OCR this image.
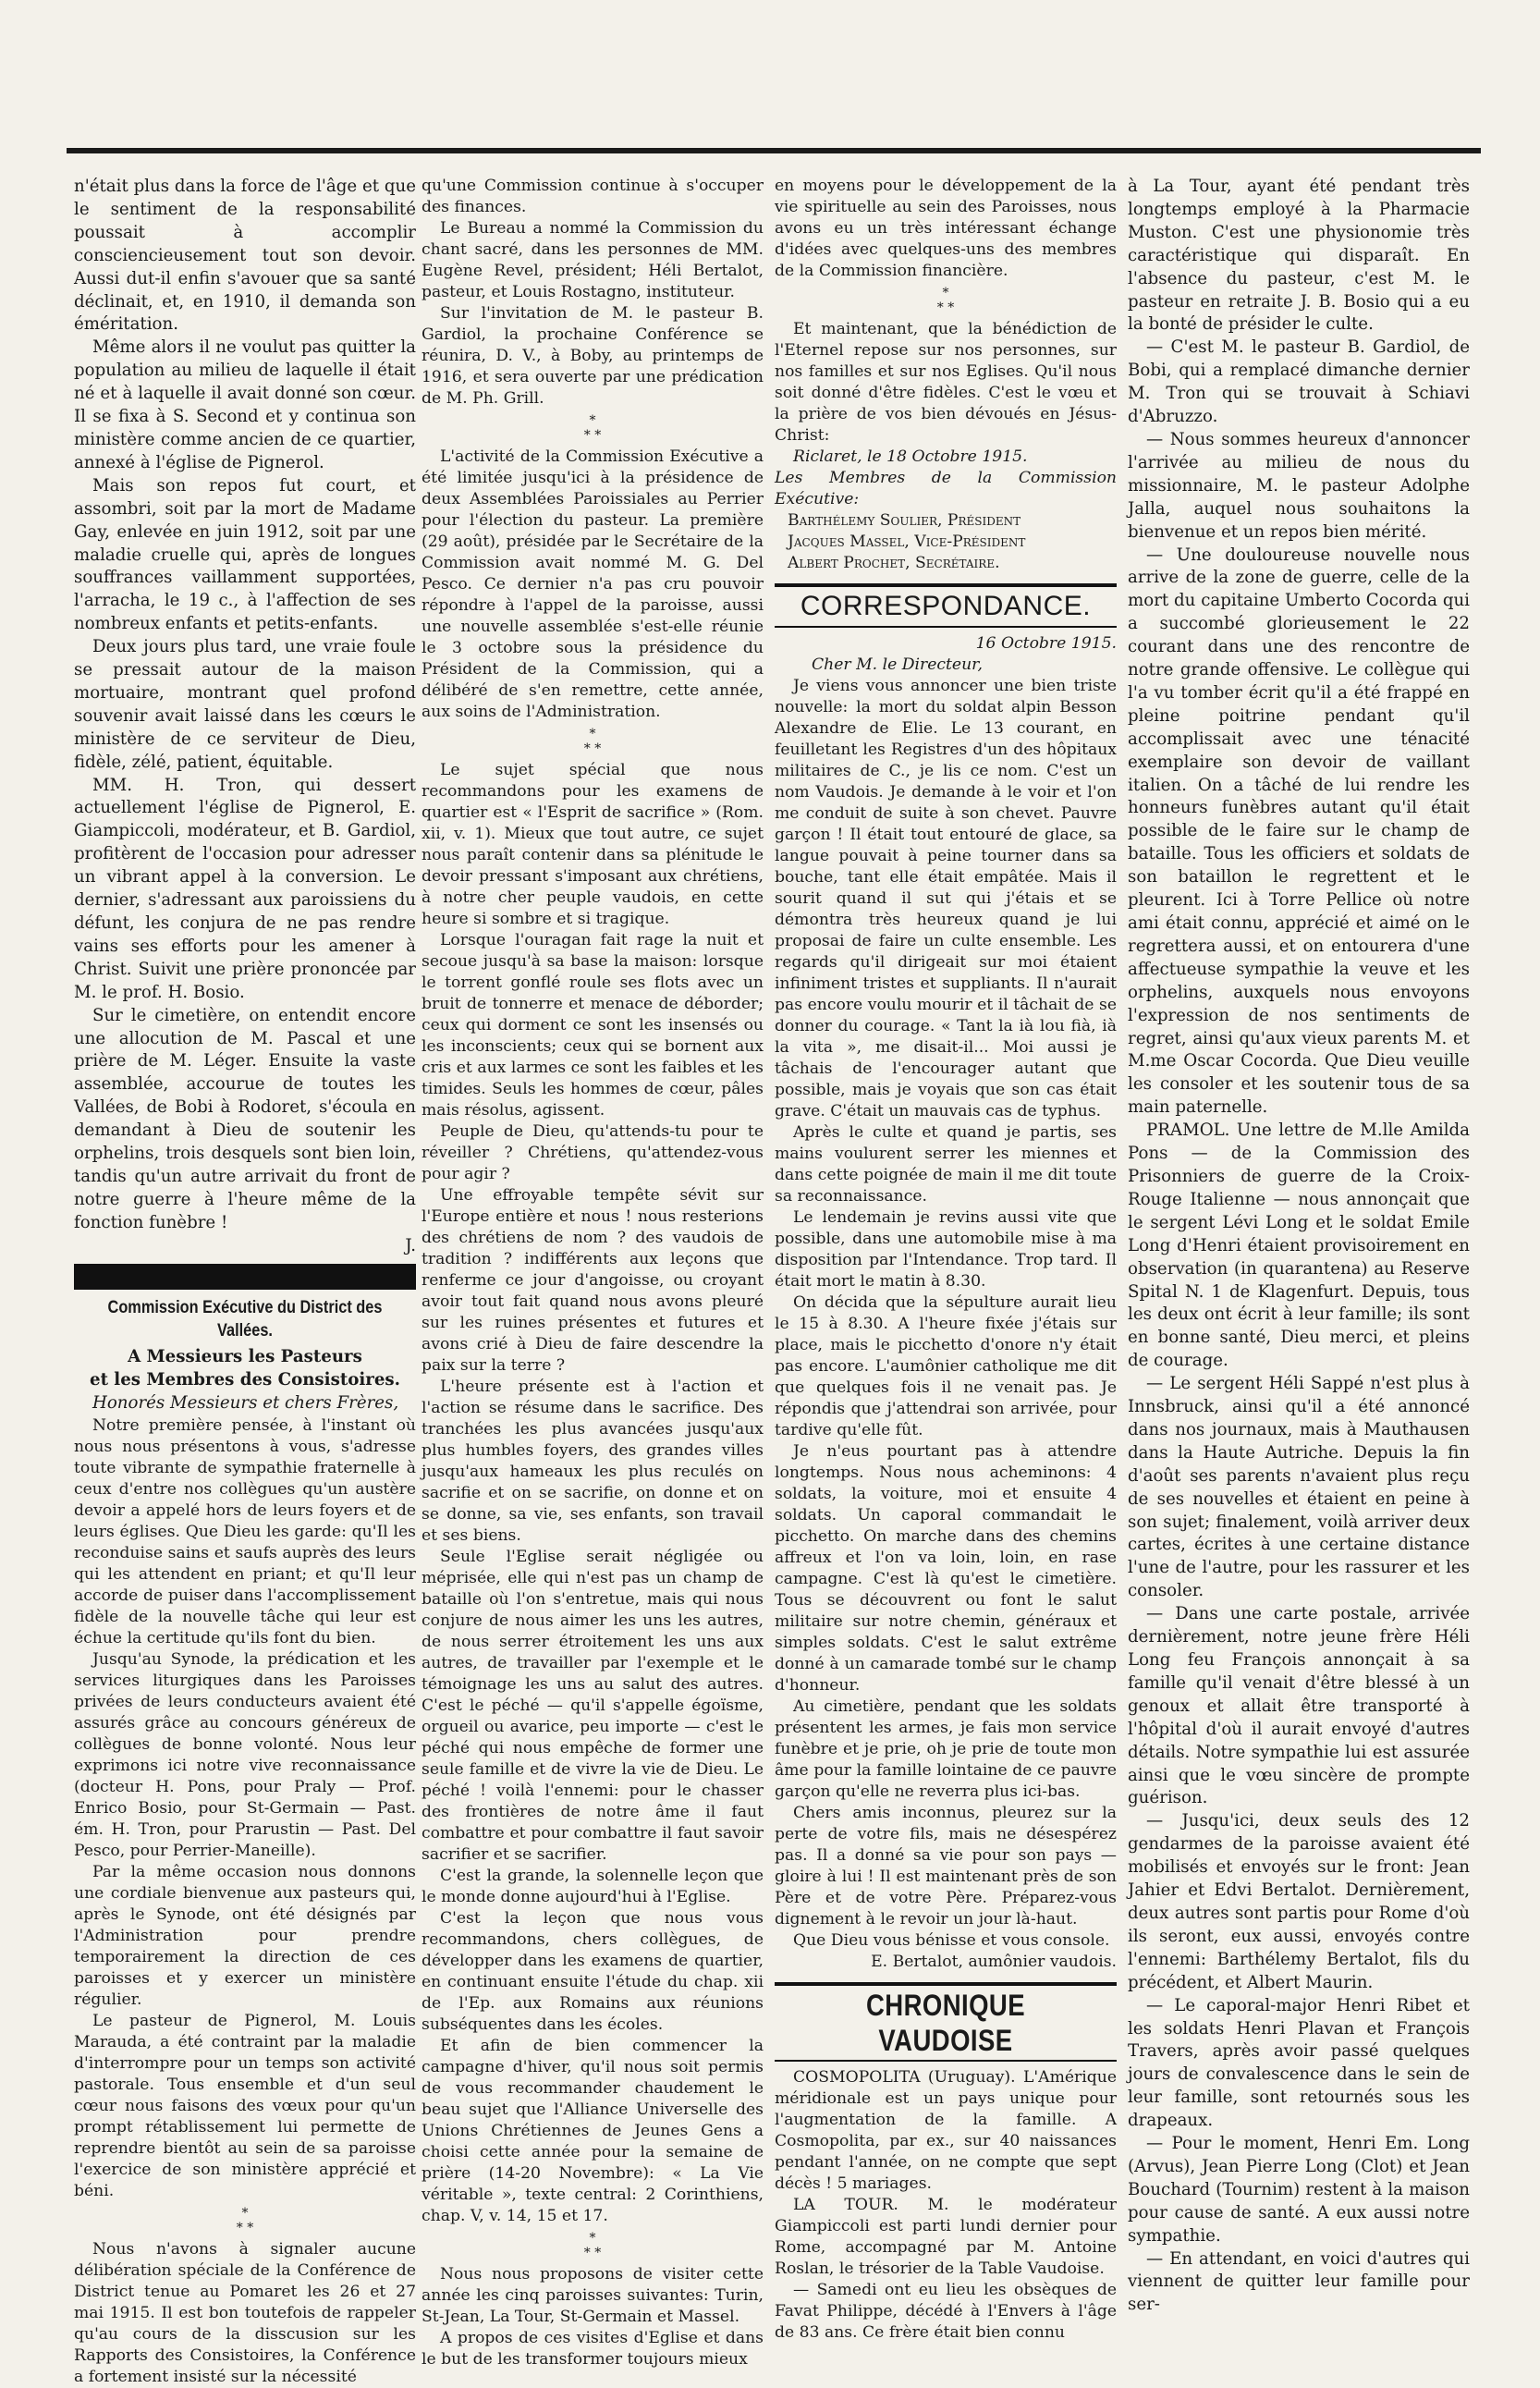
n'était plus dans la force de l'âge et que le sentiment de la responsabilité poussait à accomplir consciencieusement tout son devoir. Aussi dut-il enfin s'avouer que sa santé déclinait, et, en 1910, il demanda son éméritation.

Même alors il ne voulut pas quitter la population au milieu de laquelle il était né et à laquelle il avait donné son cœur. Il se fixa à S. Second et y continua son ministère comme ancien de ce quartier, annexé à l'église de Pignerol.

Mais son repos fut court, et assombri, soit par la mort de Madame Gay, enlevée en juin 1912, soit par une maladie cruelle qui, après de longues souffrances vaillamment supportées, l'arracha, le 19 c., à l'affection de ses nombreux enfants et petits-enfants.

Deux jours plus tard, une vraie foule se pressait autour de la maison mortuaire, montrant quel profond souvenir avait laissé dans les cœurs le ministère de ce serviteur de Dieu, fidèle, zélé, patient, équitable.

MM. H. Tron, qui dessert actuellement l'église de Pignerol, E. Giampiccoli, modérateur, et B. Gardiol, profitèrent de l'occasion pour adresser un vibrant appel à la conversion. Le dernier, s'adressant aux paroissiens du défunt, les conjura de ne pas rendre vains ses efforts pour les amener à Christ. Suivit une prière prononcée par M. le prof. H. Bosio.

Sur le cimetière, on entendit encore une allocution de M. Pascal et une prière de M. Léger. Ensuite la vaste assemblée, accourue de toutes les Vallées, de Bobi à Rodoret, s'écoula en demandant à Dieu de soutenir les orphelins, trois desquels sont bien loin, tandis qu'un autre arrivait du front de notre guerre à l'heure même de la fonction funèbre !

J.

Commission Exécutive du District des Vallées.

A Messieurs les Pasteurs

et les Membres des Consistoires.

Honorés Messieurs et chers Frères,

Notre première pensée, à l'instant où nous nous présentons à vous, s'adresse toute vibrante de sympathie fraternelle à ceux d'entre nos collègues qu'un austère devoir a appelé hors de leurs foyers et de leurs églises. Que Dieu les garde: qu'Il les reconduise sains et saufs auprès des leurs qui les attendent en priant; et qu'Il leur accorde de puiser dans l'accomplissement fidèle de la nouvelle tâche qui leur est échue la certitude qu'ils font du bien.

Jusqu'au Synode, la prédication et les services liturgiques dans les Paroisses privées de leurs conducteurs avaient été assurés grâce au concours généreux de collègues de bonne volonté. Nous leur exprimons ici notre vive reconnaissance (docteur H. Pons, pour Praly — Prof. Enrico Bosio, pour St-Germain — Past. ém. H. Tron, pour Prarustin — Past. Del Pesco, pour Perrier-Maneille).

Par la même occasion nous donnons une cordiale bienvenue aux pasteurs qui, après le Synode, ont été désignés par l'Administration pour prendre temporairement la direction de ces paroisses et y exercer un ministère régulier.

Le pasteur de Pignerol, M. Louis Marauda, a été contraint par la maladie d'interrompre pour un temps son activité pastorale. Tous ensemble et d'un seul cœur nous faisons des vœux pour qu'un prompt rétablissement lui permette de reprendre bientôt au sein de sa paroisse l'exercice de son ministère apprécié et béni.

*
* *

Nous n'avons à signaler aucune délibération spéciale de la Conférence de District tenue au Pomaret les 26 et 27 mai 1915. Il est bon toutefois de rappeler qu'au cours de la disscusion sur les Rapports des Consistoires, la Conférence a fortement insisté sur la nécessité

qu'une Commission continue à s'occuper des finances.

Le Bureau a nommé la Commission du chant sacré, dans les personnes de MM. Eugène Revel, président; Héli Bertalot, pasteur, et Louis Rostagno, instituteur.

Sur l'invitation de M. le pasteur B. Gardiol, la prochaine Conférence se réunira, D. V., à Boby, au printemps de 1916, et sera ouverte par une prédication de M. Ph. Grill.

*
* *

L'activité de la Commission Exécutive a été limitée jusqu'ici à la présidence de deux Assemblées Paroissiales au Perrier pour l'élection du pasteur. La première (29 août), présidée par le Secrétaire de la Commission avait nommé M. G. Del Pesco. Ce dernier n'a pas cru pouvoir répondre à l'appel de la paroisse, aussi une nouvelle assemblée s'est-elle réunie le 3 octobre sous la présidence du Président de la Commission, qui a délibéré de s'en remettre, cette année, aux soins de l'Administration.

*
* *

Le sujet spécial que nous recommandons pour les examens de quartier est « l'Esprit de sacrifice » (Rom. xii, v. 1). Mieux que tout autre, ce sujet nous paraît contenir dans sa plénitude le devoir pressant s'imposant aux chrétiens, à notre cher peuple vaudois, en cette heure si sombre et si tragique.

Lorsque l'ouragan fait rage la nuit et secoue jusqu'à sa base la maison: lorsque le torrent gonflé roule ses flots avec un bruit de tonnerre et menace de déborder; ceux qui dorment ce sont les insensés ou les inconscients; ceux qui se bornent aux cris et aux larmes ce sont les faibles et les timides. Seuls les hommes de cœur, pâles mais résolus, agissent.

Peuple de Dieu, qu'attends-tu pour te réveiller ? Chrétiens, qu'attendez-vous pour agir ?

Une effroyable tempête sévit sur l'Europe entière et nous ! nous resterions des chrétiens de nom ? des vaudois de tradition ? indifférents aux leçons que renferme ce jour d'angoisse, ou croyant avoir tout fait quand nous avons pleuré sur les ruines présentes et futures et avons crié à Dieu de faire descendre la paix sur la terre ?

L'heure présente est à l'action et l'action se résume dans le sacrifice. Des tranchées les plus avancées jusqu'aux plus humbles foyers, des grandes villes jusqu'aux hameaux les plus reculés on sacrifie et on se sacrifie, on donne et on se donne, sa vie, ses enfants, son travail et ses biens.

Seule l'Eglise serait négligée ou méprisée, elle qui n'est pas un champ de bataille où l'on s'entretue, mais qui nous conjure de nous aimer les uns les autres, de nous serrer étroitement les uns aux autres, de travailler par l'exemple et le témoignage les uns au salut des autres. C'est le péché — qu'il s'appelle égoïsme, orgueil ou avarice, peu importe — c'est le péché qui nous empêche de former une seule famille et de vivre la vie de Dieu. Le péché ! voilà l'ennemi: pour le chasser des frontières de notre âme il faut combattre et pour combattre il faut savoir sacrifier et se sacrifier.

C'est la grande, la solennelle leçon que le monde donne aujourd'hui à l'Eglise.

C'est la leçon que nous vous recommandons, chers collègues, de développer dans les examens de quartier, en continuant ensuite l'étude du chap. xii de l'Ep. aux Romains aux réunions subséquentes dans les écoles.

Et afin de bien commencer la campagne d'hiver, qu'il nous soit permis de vous recommander chaudement le beau sujet que l'Alliance Universelle des Unions Chrétiennes de Jeunes Gens a choisi cette année pour la semaine de prière (14-20 Novembre): « La Vie véritable », texte central: 2 Corinthiens, chap. V, v. 14, 15 et 17.

*
* *

Nous nous proposons de visiter cette année les cinq paroisses suivantes: Turin, St-Jean, La Tour, St-Germain et Massel.

A propos de ces visites d'Eglise et dans le but de les transformer toujours mieux

en moyens pour le développement de la vie spirituelle au sein des Paroisses, nous avons eu un très intéressant échange d'idées avec quelques-uns des membres de la Commission financière.

*
* *

Et maintenant, que la bénédiction de l'Eternel repose sur nos personnes, sur nos familles et sur nos Eglises. Qu'il nous soit donné d'être fidèles. C'est le vœu et la prière de vos bien dévoués en Jésus-Christ:

Riclaret, le 18 Octobre 1915.

Les Membres de la Commission Exécutive:

Barthélemy Soulier, Président

Jacques Massel, Vice-Président

Albert Prochet, Secrétaire.

CORRESPONDANCE.

16 Octobre 1915.

Cher M. le Directeur,

Je viens vous annoncer une bien triste nouvelle: la mort du soldat alpin Besson Alexandre de Elie. Le 13 courant, en feuilletant les Registres d'un des hôpitaux militaires de C., je lis ce nom. C'est un nom Vaudois. Je demande à le voir et l'on me conduit de suite à son chevet. Pauvre garçon ! Il était tout entouré de glace, sa langue pouvait à peine tourner dans sa bouche, tant elle était empâtée. Mais il sourit quand il sut qui j'étais et se démontra très heureux quand je lui proposai de faire un culte ensemble. Les regards qu'il dirigeait sur moi étaient infiniment tristes et suppliants. Il n'aurait pas encore voulu mourir et il tâchait de se donner du courage. « Tant la ià lou fià, ià la vita », me disait-il... Moi aussi je tâchais de l'encourager autant que possible, mais je voyais que son cas était grave. C'était un mauvais cas de typhus.

Après le culte et quand je partis, ses mains voulurent serrer les miennes et dans cette poignée de main il me dit toute sa reconnaissance.

Le lendemain je revins aussi vite que possible, dans une automobile mise à ma disposition par l'Intendance. Trop tard. Il était mort le matin à 8.30.

On décida que la sépulture aurait lieu le 15 à 8.30. A l'heure fixée j'étais sur place, mais le picchetto d'onore n'y était pas encore. L'aumônier catholique me dit que quelques fois il ne venait pas. Je répondis que j'attendrai son arrivée, pour tardive qu'elle fût.

Je n'eus pourtant pas à attendre longtemps. Nous nous acheminons: 4 soldats, la voiture, moi et ensuite 4 soldats. Un caporal commandait le picchetto. On marche dans des chemins affreux et l'on va loin, loin, en rase campagne. C'est là qu'est le cimetière. Tous se découvrent ou font le salut militaire sur notre chemin, généraux et simples soldats. C'est le salut extrême donné à un camarade tombé sur le champ d'honneur.

Au cimetière, pendant que les soldats présentent les armes, je fais mon service funèbre et je prie, oh je prie de toute mon âme pour la famille lointaine de ce pauvre garçon qu'elle ne reverra plus ici-bas.

Chers amis inconnus, pleurez sur la perte de votre fils, mais ne désespérez pas. Il a donné sa vie pour son pays — gloire à lui ! Il est maintenant près de son Père et de votre Père. Préparez-vous dignement à le revoir un jour là-haut.

Que Dieu vous bénisse et vous console.

E. Bertalot, aumônier vaudois.

CHRONIQUE VAUDOISE

COSMOPOLITA (Uruguay). L'Amérique méridionale est un pays unique pour l'augmentation de la famille. A Cosmopolita, par ex., sur 40 naissances pendant l'année, on ne compte que sept décès ! 5 mariages.

LA TOUR. M. le modérateur Giampiccoli est parti lundi dernier pour Rome, accompagné par M. Antoine Roslan, le trésorier de la Table Vaudoise.

— Samedi ont eu lieu les obsèques de Favat Philippe, décédé à l'Envers à l'âge de 83 ans. Ce frère était bien connu

à La Tour, ayant été pendant très longtemps employé à la Pharmacie Muston. C'est une physionomie très caractéristique qui disparaît. En l'absence du pasteur, c'est M. le pasteur en retraite J. B. Bosio qui a eu la bonté de présider le culte.

— C'est M. le pasteur B. Gardiol, de Bobi, qui a remplacé dimanche dernier M. Tron qui se trouvait à Schiavi d'Abruzzo.

— Nous sommes heureux d'annoncer l'arrivée au milieu de nous du missionnaire, M. le pasteur Adolphe Jalla, auquel nous souhaitons la bienvenue et un repos bien mérité.

— Une douloureuse nouvelle nous arrive de la zone de guerre, celle de la mort du capitaine Umberto Cocorda qui a succombé glorieusement le 22 courant dans une des rencontre de notre grande offensive. Le collègue qui l'a vu tomber écrit qu'il a été frappé en pleine poitrine pendant qu'il accomplissait avec une ténacité exemplaire son devoir de vaillant italien. On a tâché de lui rendre les honneurs funèbres autant qu'il était possible de le faire sur le champ de bataille. Tous les officiers et soldats de son bataillon le regrettent et le pleurent. Ici à Torre Pellice où notre ami était connu, apprécié et aimé on le regrettera aussi, et on entourera d'une affectueuse sympathie la veuve et les orphelins, auxquels nous envoyons l'expression de nos sentiments de regret, ainsi qu'aux vieux parents M. et M.me Oscar Cocorda. Que Dieu veuille les consoler et les soutenir tous de sa main paternelle.

PRAMOL. Une lettre de M.lle Amilda Pons — de la Commission des Prisonniers de guerre de la Croix-Rouge Italienne — nous annonçait que le sergent Lévi Long et le soldat Emile Long d'Henri étaient provisoirement en observation (in quarantena) au Reserve Spital N. 1 de Klagenfurt. Depuis, tous les deux ont écrit à leur famille; ils sont en bonne santé, Dieu merci, et pleins de courage.

— Le sergent Héli Sappé n'est plus à Innsbruck, ainsi qu'il a été annoncé dans nos journaux, mais à Mauthausen dans la Haute Autriche. Depuis la fin d'août ses parents n'avaient plus reçu de ses nouvelles et étaient en peine à son sujet; finalement, voilà arriver deux cartes, écrites à une certaine distance l'une de l'autre, pour les rassurer et les consoler.

— Dans une carte postale, arrivée dernièrement, notre jeune frère Héli Long feu François annonçait à sa famille qu'il venait d'être blessé à un genoux et allait être transporté à l'hôpital d'où il aurait envoyé d'autres détails. Notre sympathie lui est assurée ainsi que le vœu sincère de prompte guérison.

— Jusqu'ici, deux seuls des 12 gendarmes de la paroisse avaient été mobilisés et envoyés sur le front: Jean Jahier et Edvi Bertalot. Dernièrement, deux autres sont partis pour Rome d'où ils seront, eux aussi, envoyés contre l'ennemi: Barthélemy Bertalot, fils du précédent, et Albert Maurin.

— Le caporal-major Henri Ribet et les soldats Henri Plavan et François Travers, après avoir passé quelques jours de convalescence dans le sein de leur famille, sont retournés sous les drapeaux.

— Pour le moment, Henri Em. Long (Arvus), Jean Pierre Long (Clot) et Jean Bouchard (Tournim) restent à la maison pour cause de santé. A eux aussi notre sympathie.

— En attendant, en voici d'autres qui viennent de quitter leur famille pour ser-
